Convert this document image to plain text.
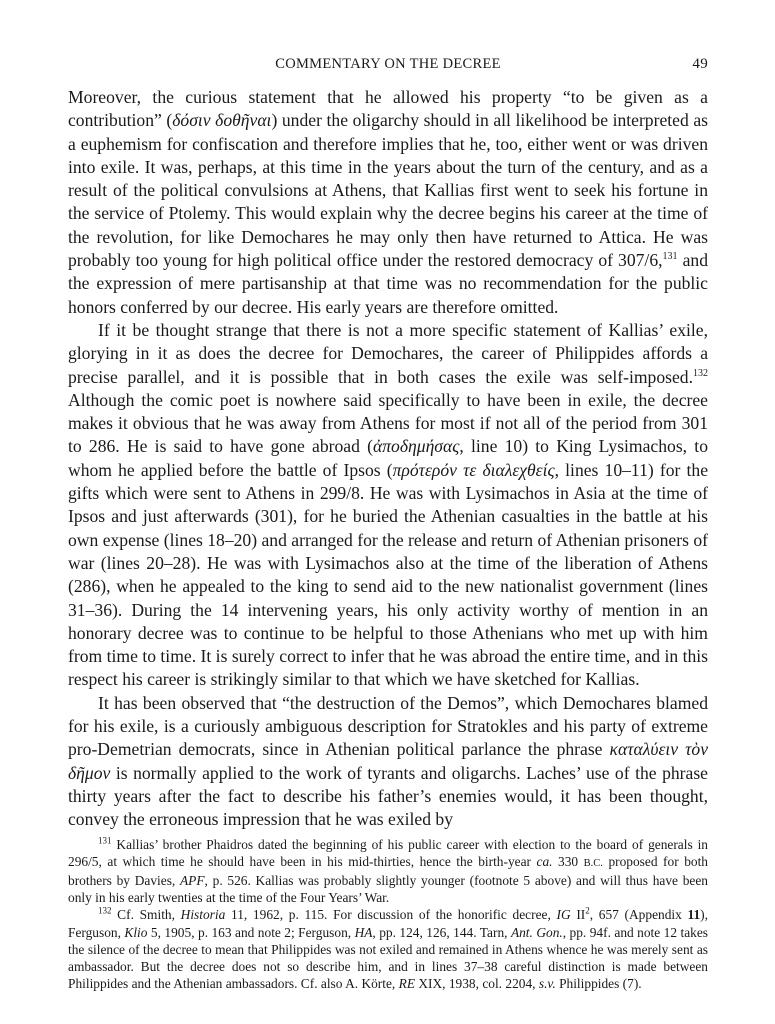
COMMENTARY ON THE DECREE	49

Moreover, the curious statement that he allowed his property “to be given as a contribution” (δόσιν δοθῆναι) under the oligarchy should in all likelihood be interpreted as a euphemism for confiscation and therefore implies that he, too, either went or was driven into exile. It was, perhaps, at this time in the years about the turn of the century, and as a result of the political convulsions at Athens, that Kallias first went to seek his fortune in the service of Ptolemy. This would explain why the decree begins his career at the time of the revolution, for like Demochares he may only then have returned to Attica. He was probably too young for high political office under the restored democracy of 307/6,$^{131}$ and the expression of mere partisanship at that time was no recommendation for the public honors conferred by our decree. His early years are therefore omitted.

If it be thought strange that there is not a more specific statement of Kallias’ exile, glorying in it as does the decree for Demochares, the career of Philippides affords a precise parallel, and it is possible that in both cases the exile was self-imposed.$^{132}$ Although the comic poet is nowhere said specifically to have been in exile, the decree makes it obvious that he was away from Athens for most if not all of the period from 301 to 286. He is said to have gone abroad (ἀποδημήσας, line 10) to King Lysimachos, to whom he applied before the battle of Ipsos (πρότερόν τε διαλεχθείς, lines 10–11) for the gifts which were sent to Athens in 299/8. He was with Lysimachos in Asia at the time of Ipsos and just afterwards (301), for he buried the Athenian casualties in the battle at his own expense (lines 18–20) and arranged for the release and return of Athenian prisoners of war (lines 20–28). He was with Lysimachos also at the time of the liberation of Athens (286), when he appealed to the king to send aid to the new nationalist government (lines 31–36). During the 14 intervening years, his only activity worthy of mention in an honorary decree was to continue to be helpful to those Athenians who met up with him from time to time. It is surely correct to infer that he was abroad the entire time, and in this respect his career is strikingly similar to that which we have sketched for Kallias.

It has been observed that “the destruction of the Demos”, which Demochares blamed for his exile, is a curiously ambiguous description for Stratokles and his party of extreme pro-Demetrian democrats, since in Athenian political parlance the phrase καταλύειν τὸν δῆμον is normally applied to the work of tyrants and oligarchs. Laches’ use of the phrase thirty years after the fact to describe his father’s enemies would, it has been thought, convey the erroneous impression that he was exiled by

$^{131}$ Kallias’ brother Phaidros dated the beginning of his public career with election to the board of generals in 296/5, at which time he should have been in his mid-thirties, hence the birth-year ca. 330 B.C. proposed for both brothers by Davies, APF, p. 526. Kallias was probably slightly younger (footnote 5 above) and will thus have been only in his early twenties at the time of the Four Years’ War.

$^{132}$ Cf. Smith, Historia 11, 1962, p. 115. For discussion of the honorific decree, IG $II^2$, 657 (Appendix 11), Ferguson, Klio 5, 1905, p. 163 and note 2; Ferguson, HA, pp. 124, 126, 144. Tarn, Ant. Gon., pp. 94f. and note 12 takes the silence of the decree to mean that Philippides was not exiled and remained in Athens whence he was merely sent as ambassador. But the decree does not so describe him, and in lines 37–38 careful distinction is made between Philippides and the Athenian ambassadors. Cf. also A. Körte, RE XIX, 1938, col. 2204, s.v. Philippides (7).
